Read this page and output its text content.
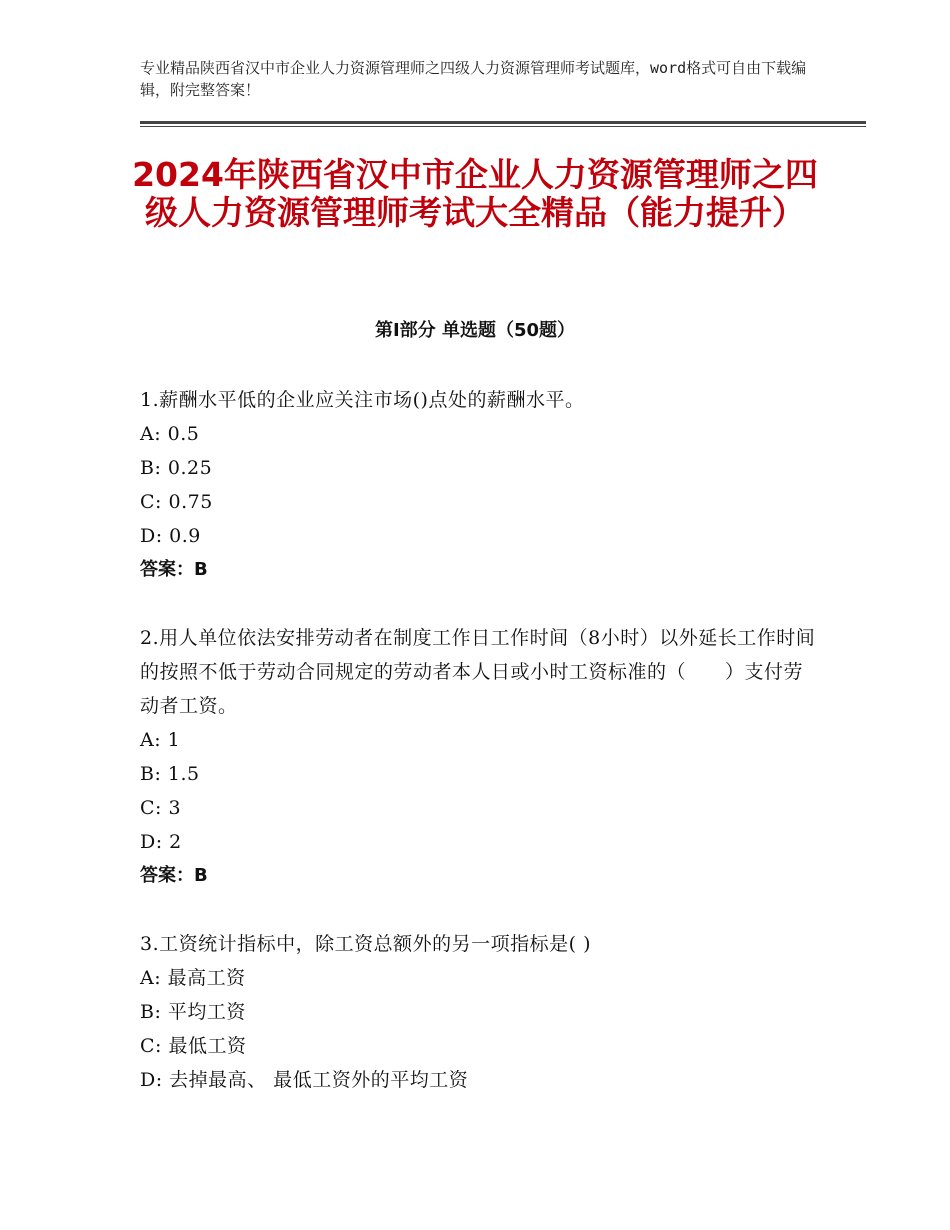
专业精品陕西省汉中市企业人力资源管理师之四级人力资源管理师考试题库，word格式可自由下载编辑，附完整答案！
2024年陕西省汉中市企业人力资源管理师之四级人力资源管理师考试大全精品（能力提升）
第Ⅰ部分 单选题（50题）
1.薪酬水平低的企业应关注市场()点处的薪酬水平。
A: 0.5
B: 0.25
C: 0.75
D: 0.9
答案：B
2.用人单位依法安排劳动者在制度工作日工作时间（8小时）以外延长工作时间的按照不低于劳动合同规定的劳动者本人日或小时工资标准的（　　）支付劳动者工资。
A: 1
B: 1.5
C: 3
D: 2
答案：B
3.工资统计指标中，除工资总额外的另一项指标是( )
A: 最高工资
B: 平均工资
C: 最低工资
D: 去掉最高、 最低工资外的平均工资
